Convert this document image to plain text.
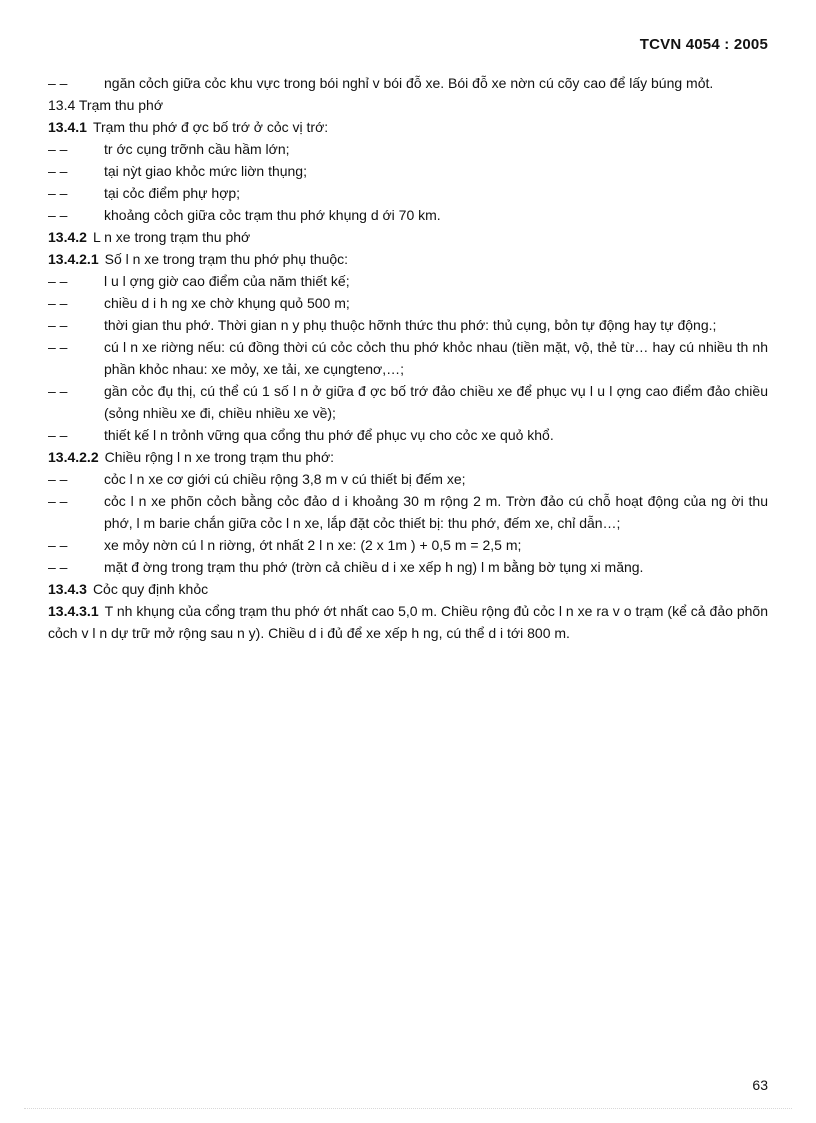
TCVN 4054 : 2005

– –	ngăn cỏch giữa cỏc khu vực trong bói nghỉ v bói đỗ xe. Bói đỗ xe nờn cú cõy cao để lấy búng mỏt.

13.4 Trạm thu phớ

13.4.1 Trạm thu phớ đ ợc bố trớ ở cỏc vị trớ:

– –	tr ớc cụng trỡnh cầu hầm lớn;

– –	tại nỳt giao khỏc mức liờn thụng;

– –	tại cỏc điểm phự hợp;

– –	khoảng cỏch giữa cỏc trạm thu phớ khụng d ới 70 km.

13.4.2 L n xe trong trạm thu phớ

13.4.2.1 Số l n xe trong trạm thu phớ phụ thuộc:

– –	l u l ợng giờ cao điểm của năm thiết kế;

– –	chiều d i h ng xe chờ khụng quỏ 500 m;

– –	thời gian thu phớ. Thời gian n y phụ thuộc hỡnh thức thu phớ: thủ cụng, bỏn tự động hay tự động.;

– –	cú l n xe riờng nếu: cú đồng thời cú cỏc cỏch thu phớ khỏc nhau (tiền mặt, vộ, thẻ từ… hay cú nhiều th nh phần khỏc nhau: xe mỏy, xe tải, xe cụngtenơ,…;

– –	gần cỏc đụ thị, cú thể cú 1 số l n ở giữa đ ợc bố trớ đảo chiều xe để phục vụ l u l ợng cao điểm đảo chiều (sỏng nhiều xe đi, chiều nhiều xe về);

– –	thiết kế l n trỏnh vững qua cổng thu phớ để phục vụ cho cỏc xe quỏ khổ.

13.4.2.2 Chiều rộng l n xe trong trạm thu phớ:

– –	cỏc l n xe cơ giới cú chiều rộng 3,8 m v cú thiết bị đếm xe;

– –	cỏc l n xe phõn cỏch bằng cỏc đảo d i khoảng 30 m rộng 2 m. Trờn đảo cú chỗ hoạt động của ng ời thu phớ, l m barie chắn giữa cỏc l n xe, lắp đặt cỏc thiết bị: thu phớ, đếm xe, chỉ dẫn…;

– –	xe mỏy nờn cú l n riờng, ớt nhất 2 l n xe: (2 x 1m ) + 0,5 m = 2,5 m;

– –	mặt đ ờng trong trạm thu phớ (trờn cả chiều d i xe xếp h ng) l m bằng bờ tụng xi măng.

13.4.3 Cỏc quy định khỏc

13.4.3.1 T nh khụng của cổng trạm thu phớ ớt nhất cao 5,0 m. Chiều rộng đủ cỏc l n xe ra v o trạm (kể cả đảo phõn cỏch v l n dự trữ mở rộng sau n y). Chiều d i đủ để xe xếp h ng, cú thể d i tới 800 m.

63
